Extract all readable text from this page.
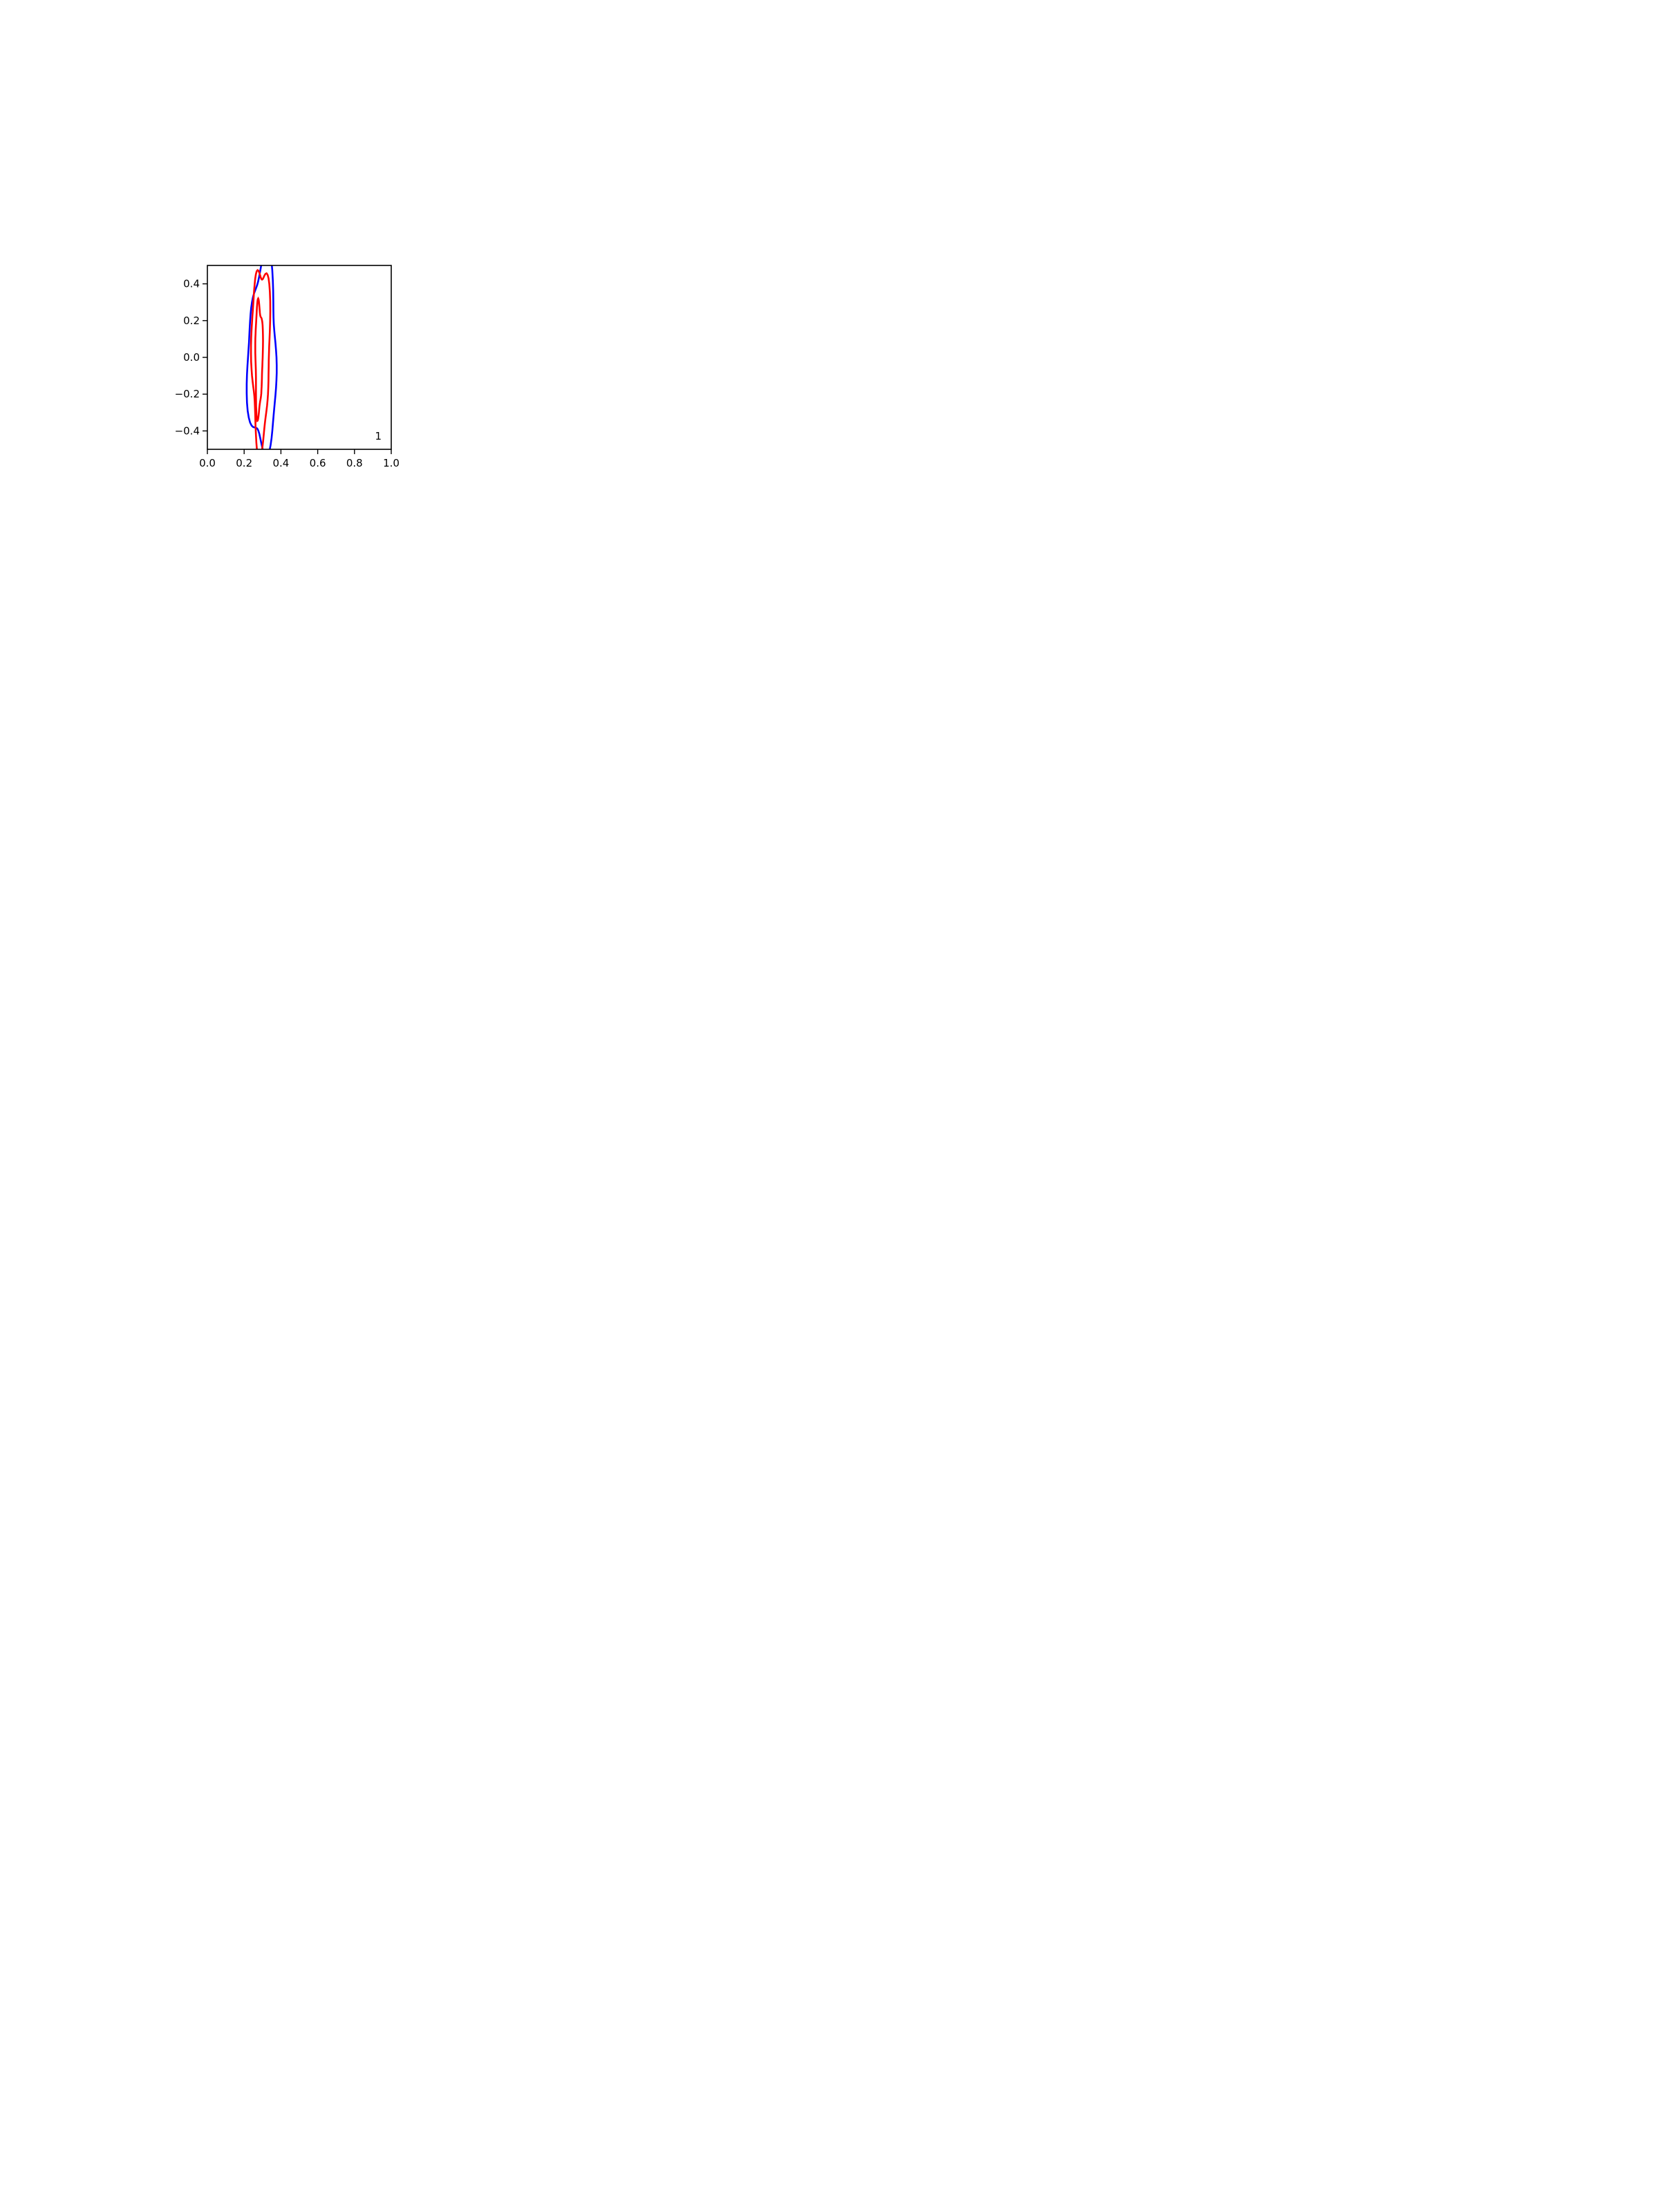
0.0 0.2 0.4 0.6 0.8 1.0
0.4
0.2
0.0
−0.2
−0.4	1
